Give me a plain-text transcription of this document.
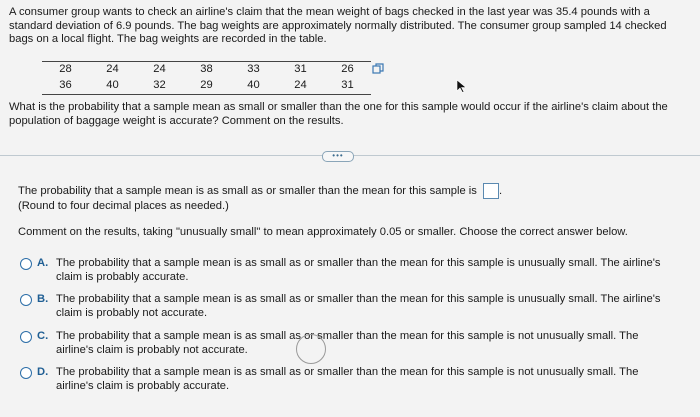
A consumer group wants to check an airline's claim that the mean weight of bags checked in the last year was 35.4 pounds with a standard deviation of 6.9 pounds. The bag weights are approximately normally distributed. The consumer group sampled 14 checked bags on a local flight. The bag weights are recorded in the table.

28	24	24	38	33	31	26
36	40	32	29	40	24	31
What is the probability that a sample mean as small or smaller than the one for this sample would occur if the airline's claim about the population of baggage weight is accurate? Comment on the results.
•••
The probability that a sample mean is as small as or smaller than the mean for this sample is .
(Round to four decimal places as needed.)
Comment on the results, taking "unusually small" to mean approximately 0.05 or smaller. Choose the correct answer below.
A. The probability that a sample mean is as small as or smaller than the mean for this sample is unusually small. The airline's claim is probably accurate.
B. The probability that a sample mean is as small as or smaller than the mean for this sample is unusually small. The airline's claim is probably not accurate.
C. The probability that a sample mean is as small as or smaller than the mean for this sample is not unusually small. The airline's claim is probably not accurate.
D. The probability that a sample mean is as small as or smaller than the mean for this sample is not unusually small. The airline's claim is probably accurate.
